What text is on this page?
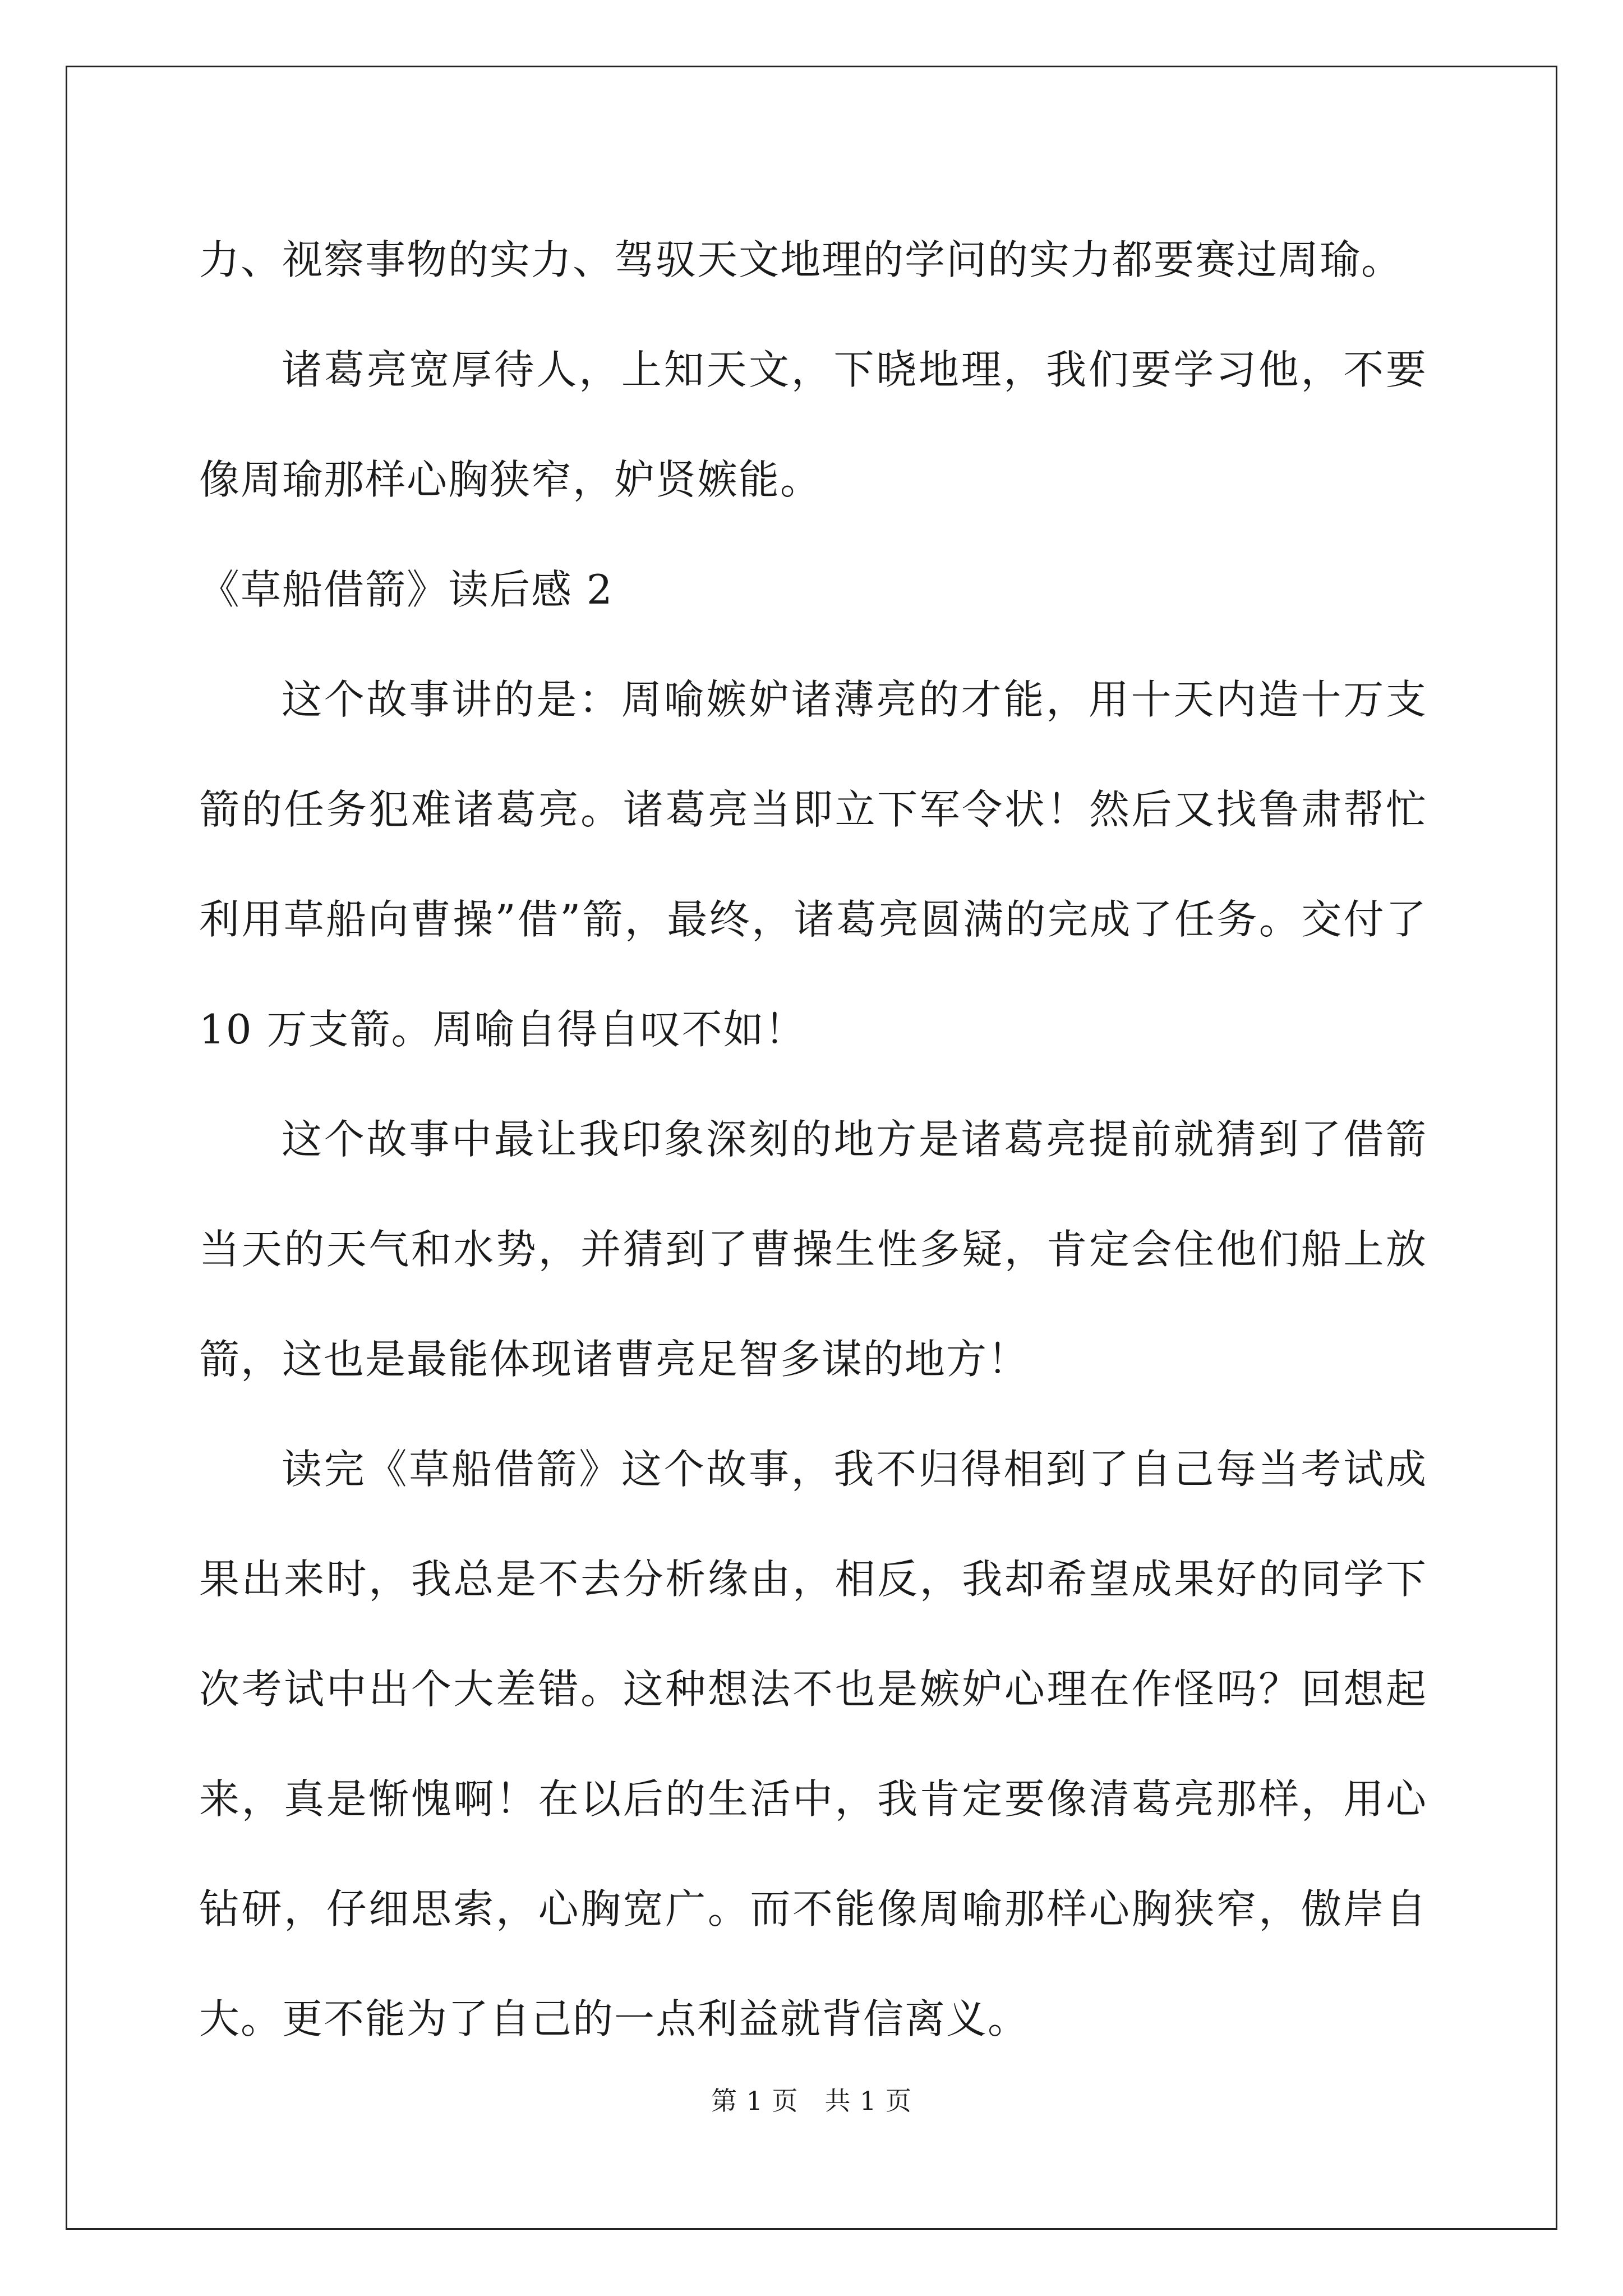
力、视察事物的实力、驾驭天文地理的学问的实力都要赛过周瑜。

诸葛亮宽厚待人，上知天文，下晓地理，我们要学习他，不要像周瑜那样心胸狭窄，妒贤嫉能。

《草船借箭》读后感 2

这个故事讲的是：周喻嫉妒诸薄亮的才能，用十天内造十万支箭的任务犯难诸葛亮。诸葛亮当即立下军令状！然后又找鲁肃帮忙利用草船向曹操”借”箭，最终，诸葛亮圆满的完成了任务。交付了 10 万支箭。周喻自得自叹不如！

这个故事中最让我印象深刻的地方是诸葛亮提前就猜到了借箭当天的天气和水势，并猜到了曹操生性多疑，肯定会住他们船上放箭，这也是最能体现诸曹亮足智多谋的地方！

读完《草船借箭》这个故事，我不归得相到了自己每当考试成果出来时，我总是不去分析缘由，相反，我却希望成果好的同学下次考试中出个大差错。这种想法不也是嫉妒心理在作怪吗？回想起来，真是惭愧啊！在以后的生活中，我肯定要像清葛亮那样，用心钻研，仔细思索，心胸宽广。而不能像周喻那样心胸狭窄，傲岸自大。更不能为了自己的一点利益就背信离义。

第 1 页 共 1 页
